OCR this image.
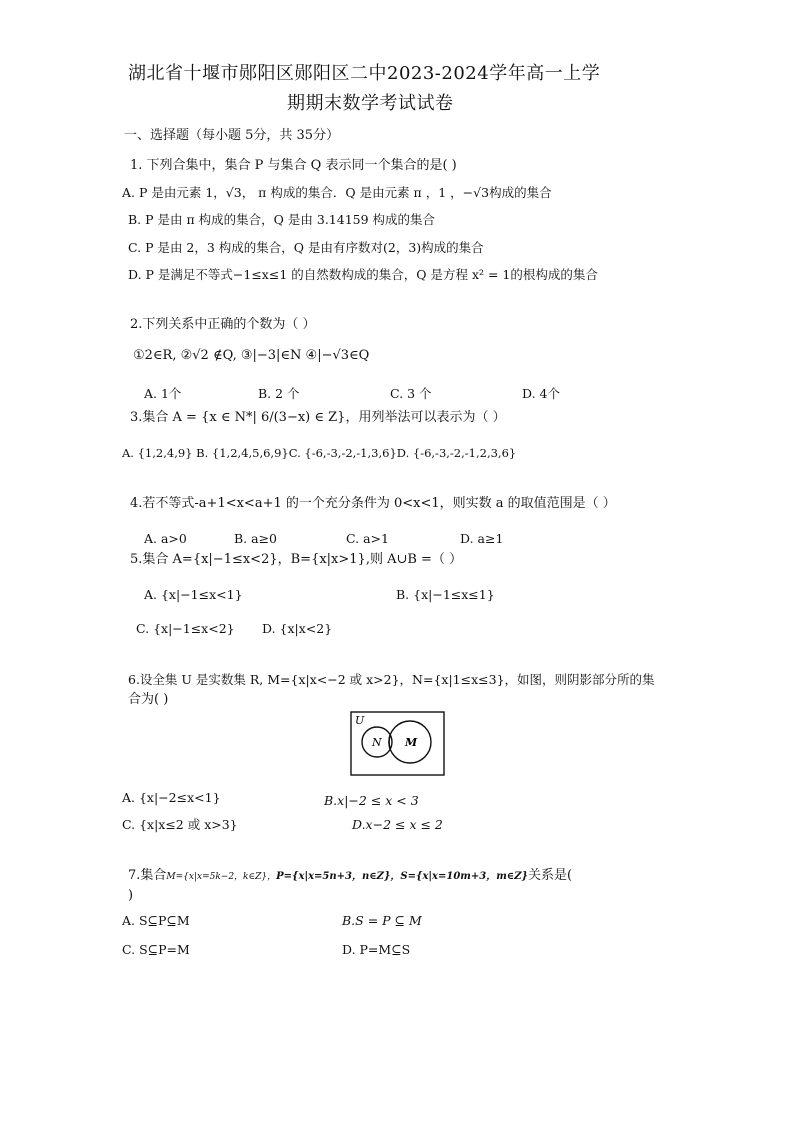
湖北省十堰市郧阳区郧阳区二中2023-2024学年高一上学
期期末数学考试试卷
一、选择题（每小题 5分，共 35分）
1. 下列合集中，集合 P 与集合 Q 表示同一个集合的是( )
A. P 是由元素 1，√3， π 构成的集合．Q 是由元素 π ，1 ，−√3构成的集合
B. P 是由 π 构成的集合，Q 是由 3.14159 构成的集合
C. P 是由 2，3 构成的集合，Q 是由有序数对(2，3)构成的集合
D. P 是满足不等式−1≤x≤1 的自然数构成的集合，Q 是方程 x² = 1的根构成的集合
2.下列关系中正确的个数为（ ）
①2∈R, ②√2 ∉Q, ③|−3|∈N ④|−√3∈Q
A. 1个	B. 2 个	C. 3 个	D. 4个
3.集合 A = {x ∈ N*| 6/(3−x) ∈ Z}，用列举法可以表示为（ ）
A. {1,2,4,9} B. {1,2,4,5,6,9}C. {-6,-3,-2,-1,3,6}D. {-6,-3,-2,-1,2,3,6}
4.若不等式-a+1<x<a+1 的一个充分条件为 0<x<1，则实数 a 的取值范围是（ ）
A. a>0	B. a≥0	C. a>1	D. a≥1
5.集合 A={x|−1≤x<2}，B={x|x>1},则 A∪B =（ ）
A. {x|−1≤x<1}	B. {x|−1≤x≤1}
C. {x|−1≤x<2} D. {x|x<2}
6.设全集 U 是实数集 R, M={x|x<−2 或 x>2}，N={x|1≤x≤3}，如图，则阴影部分所的集
合为( )
U
N M
A. {x|−2≤x<1}	B.x|−2 ≤ x < 3
C. {x|x≤2 或 x>3}	D.x−2 ≤ x ≤ 2
7.集合M={x|x=5k−2，k∈Z}，P={x|x=5n+3，n∈Z}，S={x|x=10m+3，m∈Z}关系是(
)
A. S⊆P⊆M	B.S = P ⊆ M
C. S⊆P=M	D. P=M⊆S
